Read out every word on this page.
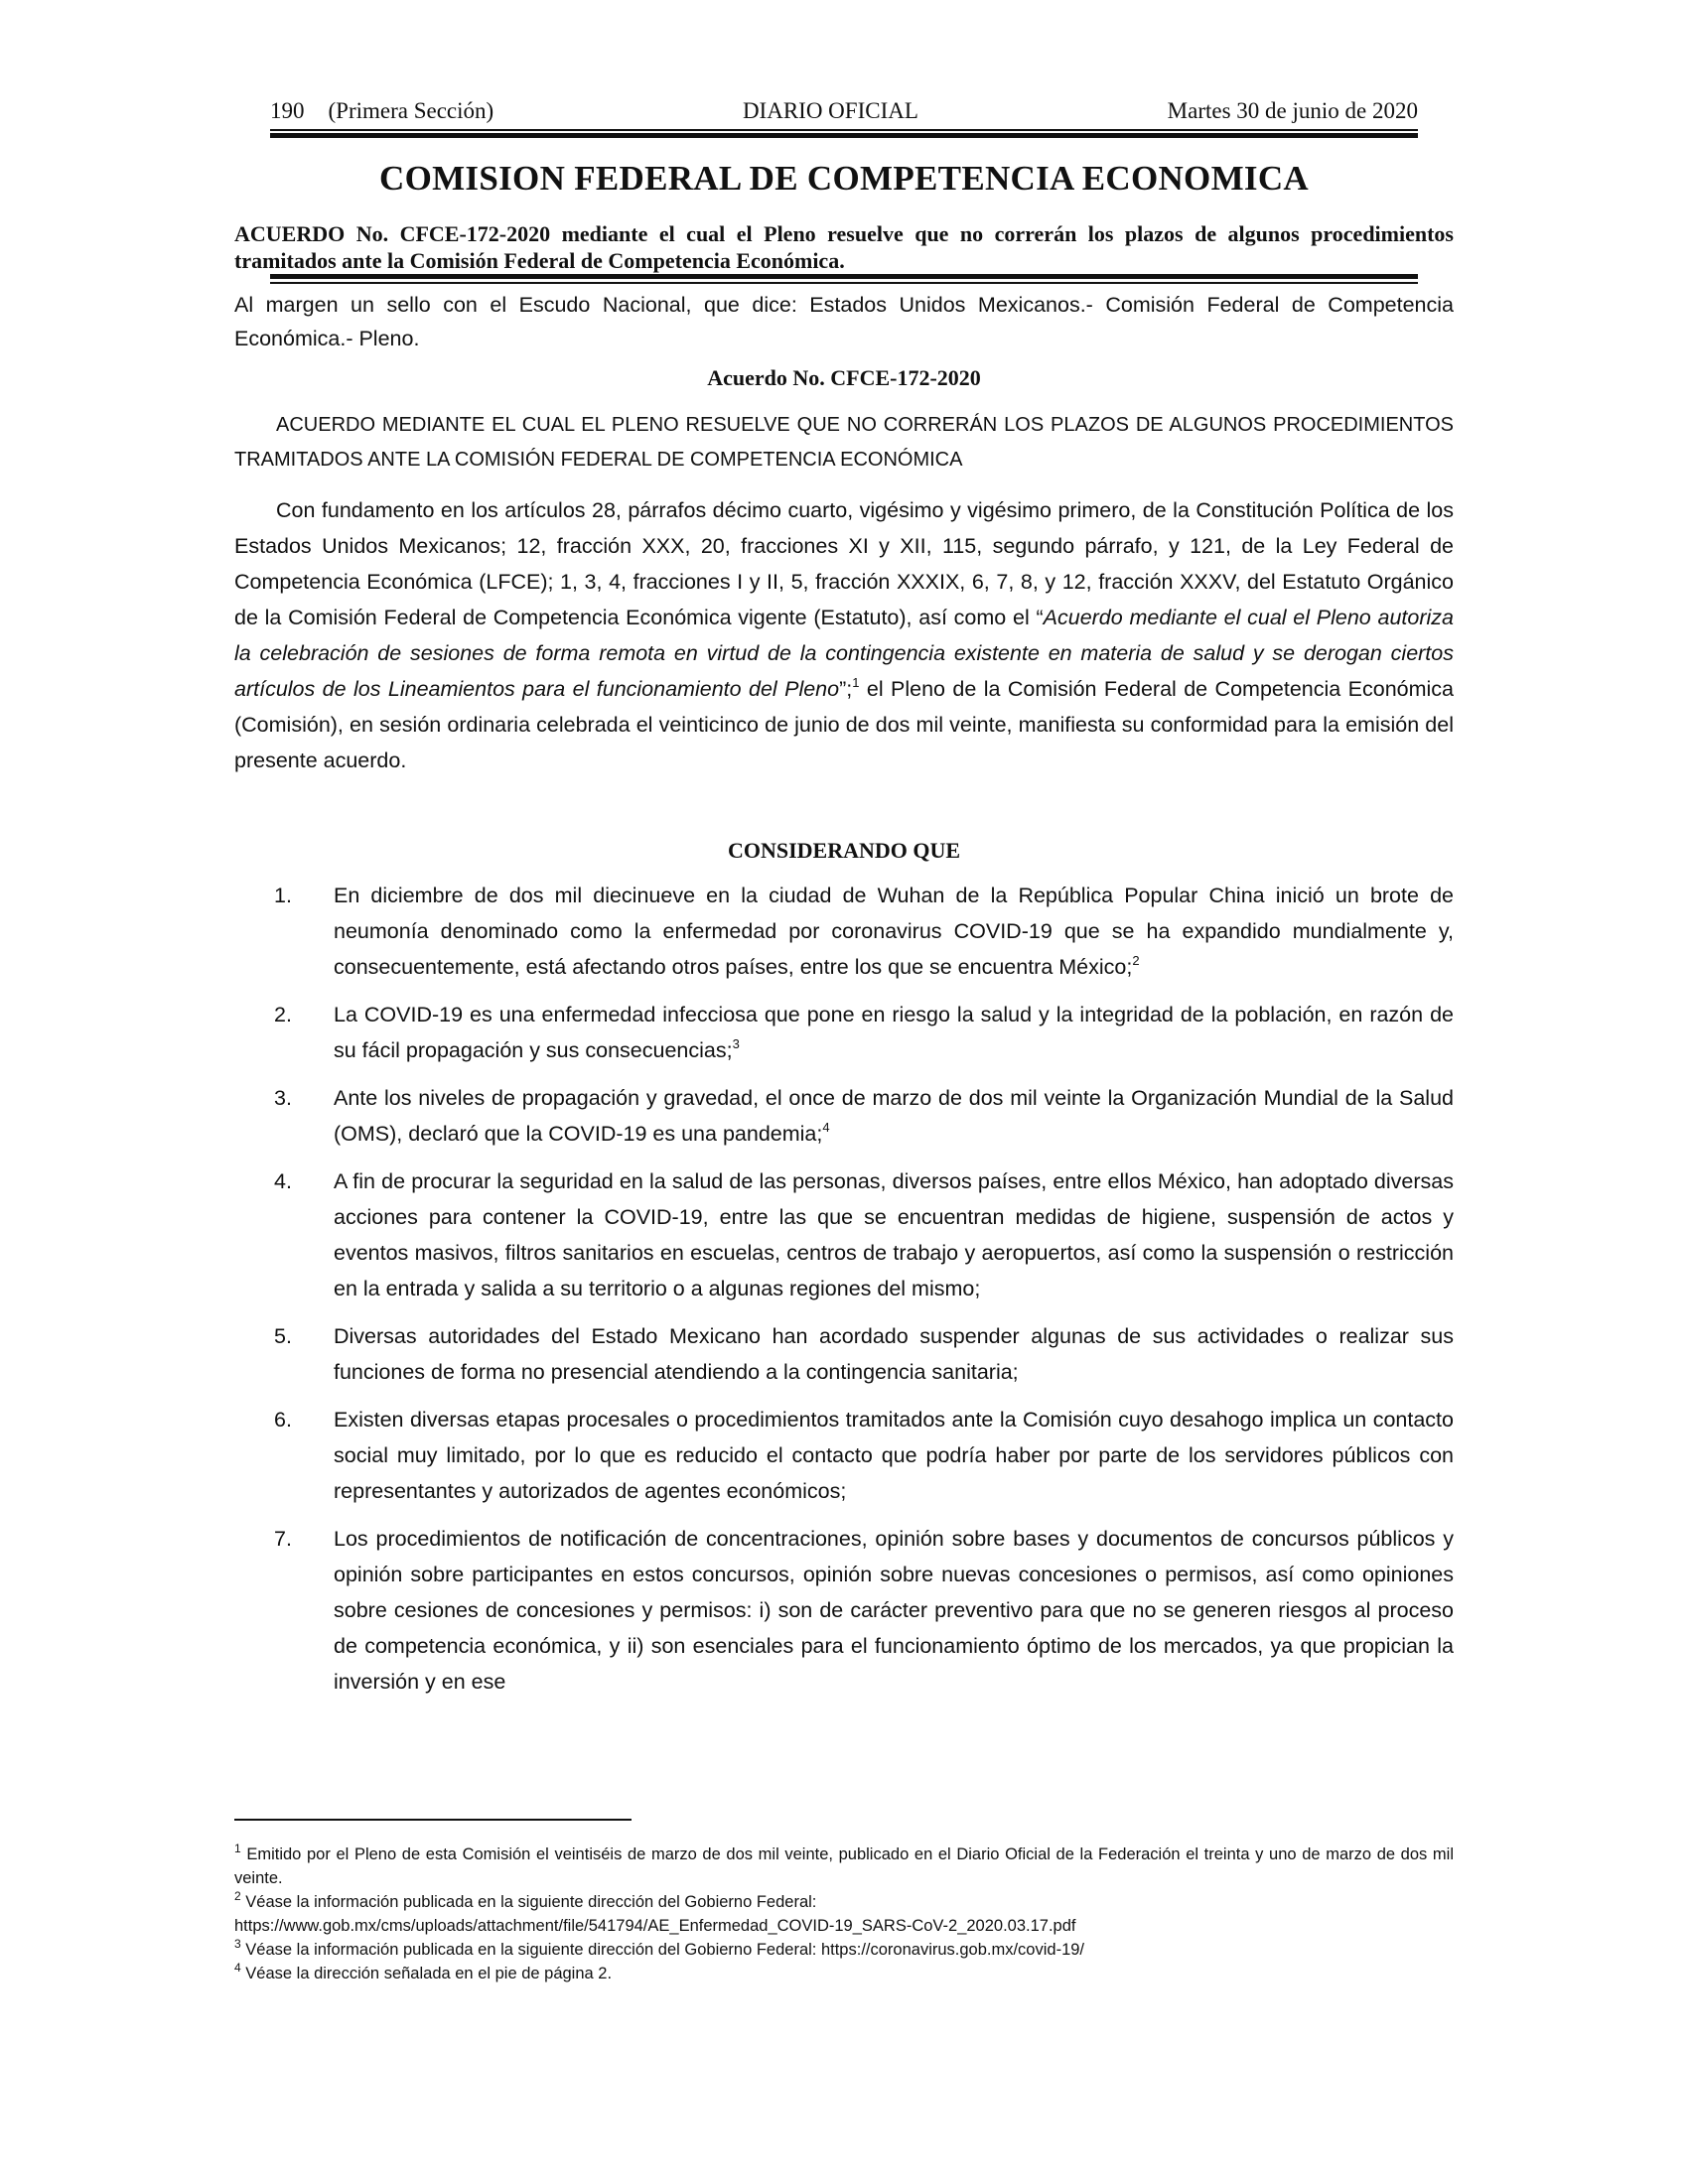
190 (Primera Sección)	DIARIO OFICIAL	Martes 30 de junio de 2020
COMISION FEDERAL DE COMPETENCIA ECONOMICA
ACUERDO No. CFCE-172-2020 mediante el cual el Pleno resuelve que no correrán los plazos de algunos procedimientos tramitados ante la Comisión Federal de Competencia Económica.
Al margen un sello con el Escudo Nacional, que dice: Estados Unidos Mexicanos.- Comisión Federal de Competencia Económica.- Pleno.
Acuerdo No. CFCE-172-2020
ACUERDO MEDIANTE EL CUAL EL PLENO RESUELVE QUE NO CORRERÁN LOS PLAZOS DE ALGUNOS PROCEDIMIENTOS TRAMITADOS ANTE LA COMISIÓN FEDERAL DE COMPETENCIA ECONÓMICA
Con fundamento en los artículos 28, párrafos décimo cuarto, vigésimo y vigésimo primero, de la Constitución Política de los Estados Unidos Mexicanos; 12, fracción XXX, 20, fracciones XI y XII, 115, segundo párrafo, y 121, de la Ley Federal de Competencia Económica (LFCE); 1, 3, 4, fracciones I y II, 5, fracción XXXIX, 6, 7, 8, y 12, fracción XXXV, del Estatuto Orgánico de la Comisión Federal de Competencia Económica vigente (Estatuto), así como el “Acuerdo mediante el cual el Pleno autoriza la celebración de sesiones de forma remota en virtud de la contingencia existente en materia de salud y se derogan ciertos artículos de los Lineamientos para el funcionamiento del Pleno”;$^1$ el Pleno de la Comisión Federal de Competencia Económica (Comisión), en sesión ordinaria celebrada el veinticinco de junio de dos mil veinte, manifiesta su conformidad para la emisión del presente acuerdo.
CONSIDERANDO QUE
1. En diciembre de dos mil diecinueve en la ciudad de Wuhan de la República Popular China inició un brote de neumonía denominado como la enfermedad por coronavirus COVID-19 que se ha expandido mundialmente y, consecuentemente, está afectando otros países, entre los que se encuentra México;$^2$
2. La COVID-19 es una enfermedad infecciosa que pone en riesgo la salud y la integridad de la población, en razón de su fácil propagación y sus consecuencias;$^3$
3. Ante los niveles de propagación y gravedad, el once de marzo de dos mil veinte la Organización Mundial de la Salud (OMS), declaró que la COVID-19 es una pandemia;$^4$
4. A fin de procurar la seguridad en la salud de las personas, diversos países, entre ellos México, han adoptado diversas acciones para contener la COVID-19, entre las que se encuentran medidas de higiene, suspensión de actos y eventos masivos, filtros sanitarios en escuelas, centros de trabajo y aeropuertos, así como la suspensión o restricción en la entrada y salida a su territorio o a algunas regiones del mismo;
5. Diversas autoridades del Estado Mexicano han acordado suspender algunas de sus actividades o realizar sus funciones de forma no presencial atendiendo a la contingencia sanitaria;
6. Existen diversas etapas procesales o procedimientos tramitados ante la Comisión cuyo desahogo implica un contacto social muy limitado, por lo que es reducido el contacto que podría haber por parte de los servidores públicos con representantes y autorizados de agentes económicos;
7. Los procedimientos de notificación de concentraciones, opinión sobre bases y documentos de concursos públicos y opinión sobre participantes en estos concursos, opinión sobre nuevas concesiones o permisos, así como opiniones sobre cesiones de concesiones y permisos: i) son de carácter preventivo para que no se generen riesgos al proceso de competencia económica, y ii) son esenciales para el funcionamiento óptimo de los mercados, ya que propician la inversión y en ese
$^1$ Emitido por el Pleno de esta Comisión el veintiséis de marzo de dos mil veinte, publicado en el Diario Oficial de la Federación el treinta y uno de marzo de dos mil veinte.
$^2$ Véase la información publicada en la siguiente dirección del Gobierno Federal:
https://www.gob.mx/cms/uploads/attachment/file/541794/AE_Enfermedad_COVID-19_SARS-CoV-2_2020.03.17.pdf
$^3$ Véase la información publicada en la siguiente dirección del Gobierno Federal: https://coronavirus.gob.mx/covid-19/
$^4$ Véase la dirección señalada en el pie de página 2.
